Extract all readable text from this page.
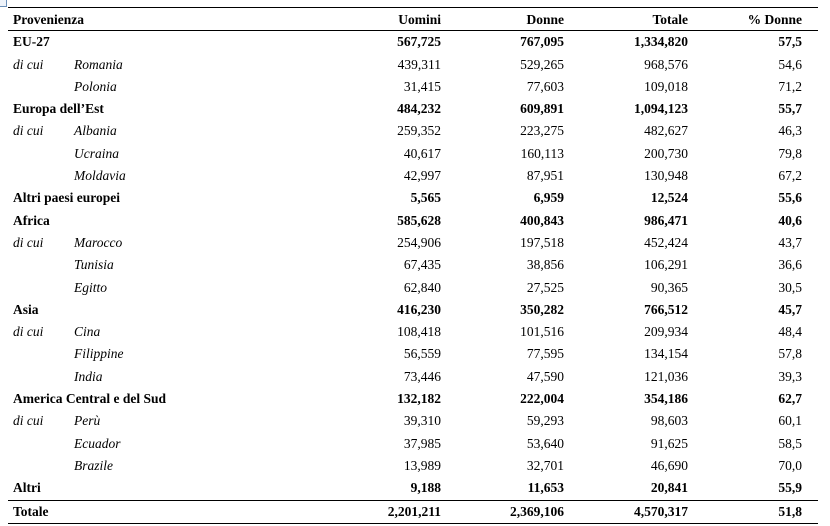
Provenienza	Uomini	Donne	Totale	% Donne
EU-27	567,725	767,095	1,334,820	57,5
di cui Romania	439,311	529,265	968,576	54,6
Polonia	31,415	77,603	109,018	71,2
Europa dell’Est	484,232	609,891	1,094,123	55,7
di cui Albania	259,352	223,275	482,627	46,3
Ucraina	40,617	160,113	200,730	79,8
Moldavia	42,997	87,951	130,948	67,2
Altri paesi europei	5,565	6,959	12,524	55,6
Africa	585,628	400,843	986,471	40,6
di cui Marocco	254,906	197,518	452,424	43,7
Tunisia	67,435	38,856	106,291	36,6
Egitto	62,840	27,525	90,365	30,5
Asia	416,230	350,282	766,512	45,7
di cui Cina	108,418	101,516	209,934	48,4
Filippine	56,559	77,595	134,154	57,8
India	73,446	47,590	121,036	39,3
America Central e del Sud	132,182	222,004	354,186	62,7
di cui Perù	39,310	59,293	98,603	60,1
Ecuador	37,985	53,640	91,625	58,5
Brazile	13,989	32,701	46,690	70,0
Altri	9,188	11,653	20,841	55,9
Totale	2,201,211	2,369,106	4,570,317	51,8
